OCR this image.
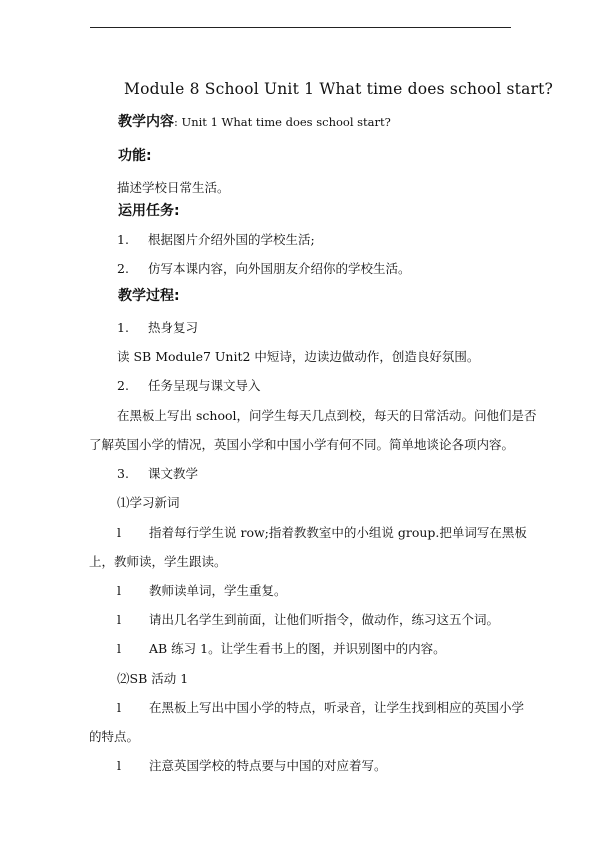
Module 8 School Unit 1 What time does school start?
教学内容: Unit 1 What time does school start?
功能:
描述学校日常生活。
运用任务:
1. 根据图片介绍外国的学校生活;
2. 仿写本课内容，向外国朋友介绍你的学校生活。
教学过程:
1. 热身复习
读 SB Module7 Unit2 中短诗，边读边做动作，创造良好氛围。
2. 任务呈现与课文导入
在黑板上写出 school，问学生每天几点到校，每天的日常活动。问他们是否
了解英国小学的情况，英国小学和中国小学有何不同。简单地谈论各项内容。
3. 课文教学
⑴学习新词
l 指着每行学生说 row;指着教教室中的小组说 group.把单词写在黑板
上，教师读，学生跟读。
l 教师读单词，学生重复。
l 请出几名学生到前面，让他们听指令，做动作，练习这五个词。
l AB 练习 1。让学生看书上的图，并识别图中的内容。
⑵SB 活动 1
l 在黑板上写出中国小学的特点，听录音，让学生找到相应的英国小学
的特点。
l 注意英国学校的特点要与中国的对应着写。
